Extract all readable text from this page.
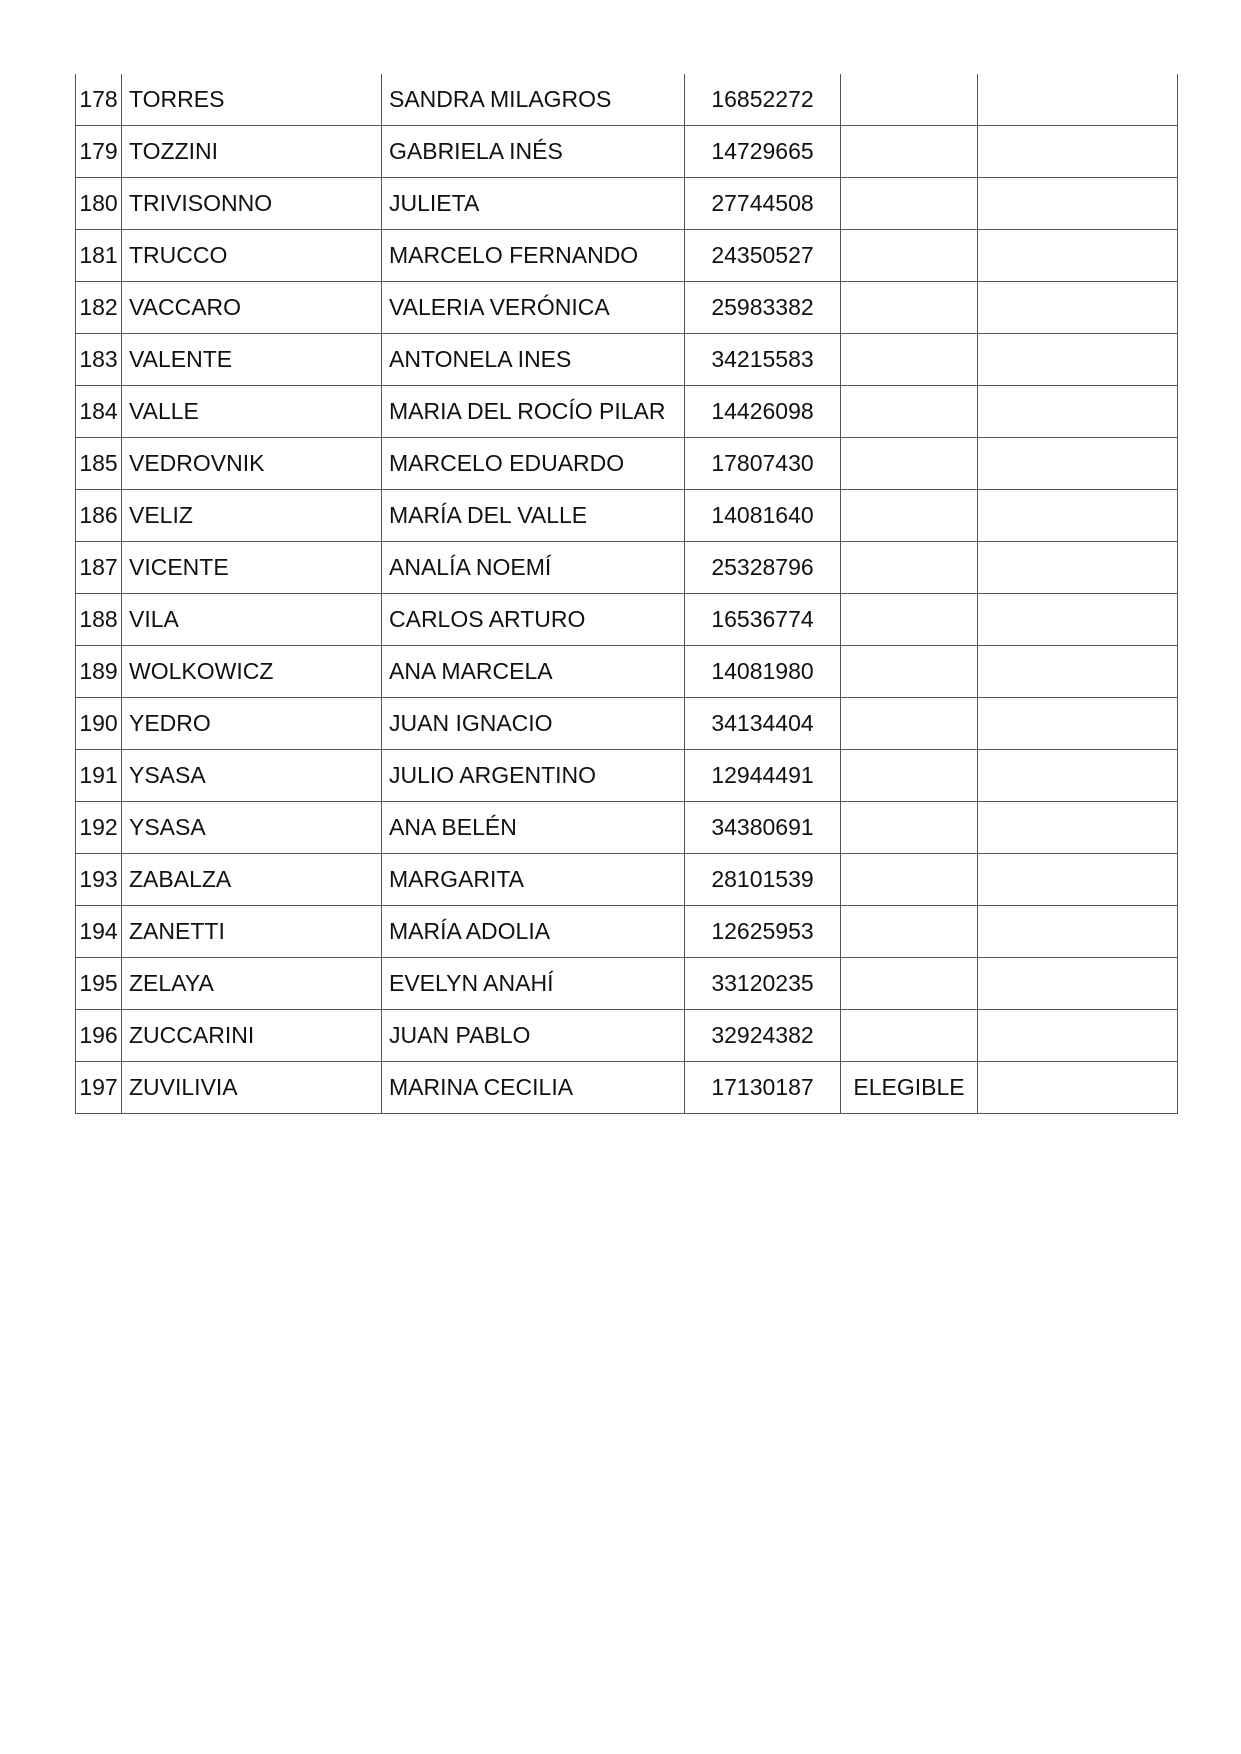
178	TORRES	SANDRA MILAGROS	16852272		
179	TOZZINI	GABRIELA INÉS	14729665		
180	TRIVISONNO	JULIETA	27744508		
181	TRUCCO	MARCELO FERNANDO	24350527		
182	VACCARO	VALERIA VERÓNICA	25983382		
183	VALENTE	ANTONELA INES	34215583		
184	VALLE	MARIA DEL ROCÍO PILAR	14426098		
185	VEDROVNIK	MARCELO EDUARDO	17807430		
186	VELIZ	MARÍA DEL VALLE	14081640		
187	VICENTE	ANALÍA NOEMÍ	25328796		
188	VILA	CARLOS ARTURO	16536774		
189	WOLKOWICZ	ANA MARCELA	14081980		
190	YEDRO	JUAN IGNACIO	34134404		
191	YSASA	JULIO ARGENTINO	12944491		
192	YSASA	ANA BELÉN	34380691		
193	ZABALZA	MARGARITA	28101539		
194	ZANETTI	MARÍA ADOLIA	12625953		
195	ZELAYA	EVELYN ANAHÍ	33120235		
196	ZUCCARINI	JUAN PABLO	32924382		
197	ZUVILIVIA	MARINA CECILIA	17130187	ELEGIBLE	
